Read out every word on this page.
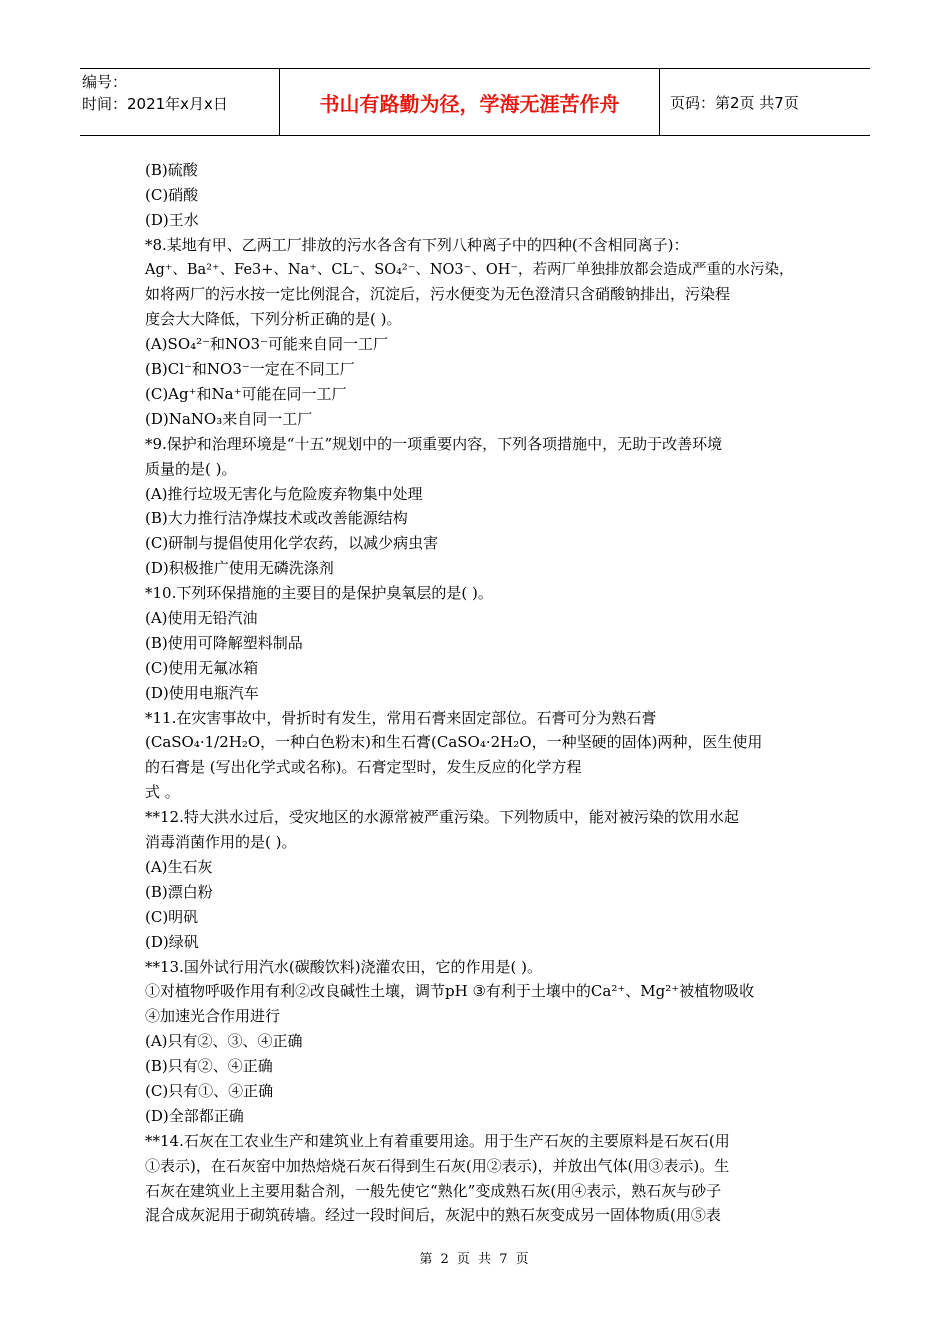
编号：
时间：2021年x月x日	书山有路勤为径，学海无涯苦作舟	页码：第2页 共7页
(B)硫酸
(C)硝酸
(D)王水
*8.某地有甲、乙两工厂排放的污水各含有下列八种离子中的四种(不含相同离子)：
Ag⁺、Ba²⁺、Fe3+、Na⁺、CL⁻、SO₄²⁻、NO3⁻、OH⁻，若两厂单独排放都会造成严重的水污染，
如将两厂的污水按一定比例混合，沉淀后，污水便变为无色澄清只含硝酸钠排出，污染程
度会大大降低，下列分析正确的是( )。
(A)SO₄²⁻和NO3⁻可能来自同一工厂
(B)Cl⁻和NO3⁻一定在不同工厂
(C)Ag⁺和Na⁺可能在同一工厂
(D)NaNO₃来自同一工厂
*9.保护和治理环境是“十五”规划中的一项重要内容，下列各项措施中，无助于改善环境
质量的是( )。
(A)推行垃圾无害化与危险废弃物集中处理
(B)大力推行洁净煤技术或改善能源结构
(C)研制与提倡使用化学农药，以减少病虫害
(D)积极推广使用无磷洗涤剂
*10.下列环保措施的主要目的是保护臭氧层的是( )。
(A)使用无铅汽油
(B)使用可降解塑料制品
(C)使用无氟冰箱
(D)使用电瓶汽车
*11.在灾害事故中，骨折时有发生，常用石膏来固定部位。石膏可分为熟石膏
(CaSO₄·1/2H₂O，一种白色粉末)和生石膏(CaSO₄·2H₂O，一种坚硬的固体)两种，医生使用
的石膏是 (写出化学式或名称)。石膏定型时，发生反应的化学方程
式 。
**12.特大洪水过后，受灾地区的水源常被严重污染。下列物质中，能对被污染的饮用水起
消毒消菌作用的是( )。
(A)生石灰
(B)漂白粉
(C)明矾
(D)绿矾
**13.国外试行用汽水(碳酸饮料)浇灌农田，它的作用是( )。
①对植物呼吸作用有利②改良碱性土壤，调节pH ③有利于土壤中的Ca²⁺、Mg²⁺被植物吸收
④加速光合作用进行
(A)只有②、③、④正确
(B)只有②、④正确
(C)只有①、④正确
(D)全部都正确
**14.石灰在工农业生产和建筑业上有着重要用途。用于生产石灰的主要原料是石灰石(用
①表示)，在石灰窑中加热焙烧石灰石得到生石灰(用②表示)，并放出气体(用③表示)。生
石灰在建筑业上主要用黏合剂，一般先使它“熟化”变成熟石灰(用④表示，熟石灰与砂子
混合成灰泥用于砌筑砖墙。经过一段时间后，灰泥中的熟石灰变成另一固体物质(用⑤表
第 2 页 共 7 页
